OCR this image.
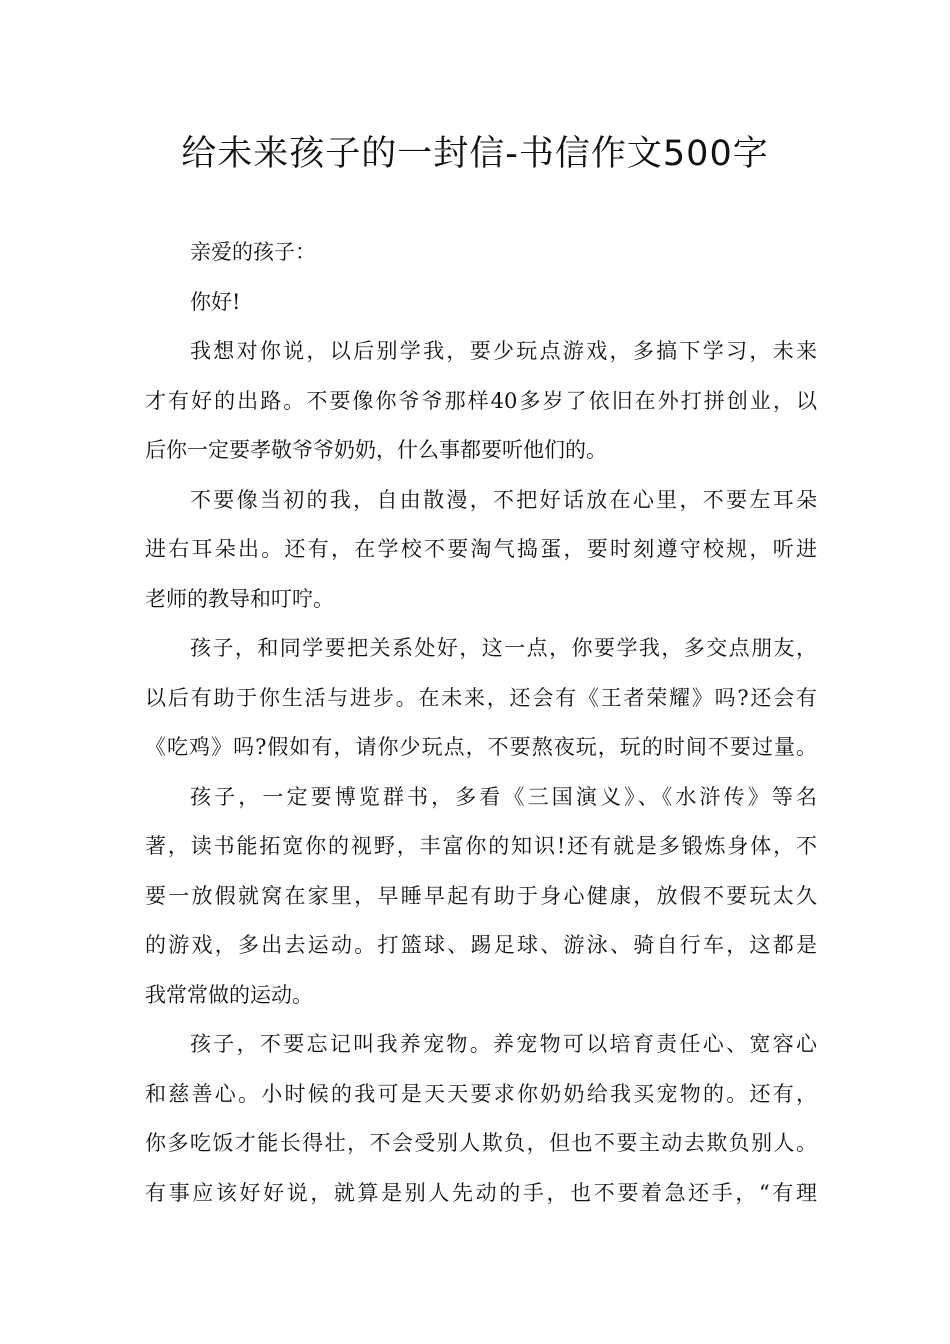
给未来孩子的一封信-书信作文500字
亲爱的孩子：
你好!
我想对你说，以后别学我，要少玩点游戏，多搞下学习，未来
才有好的出路。不要像你爷爷那样40多岁了依旧在外打拼创业，以
后你一定要孝敬爷爷奶奶，什么事都要听他们的。
不要像当初的我，自由散漫，不把好话放在心里，不要左耳朵
进右耳朵出。还有，在学校不要淘气捣蛋，要时刻遵守校规，听进
老师的教导和叮咛。
孩子，和同学要把关系处好，这一点，你要学我，多交点朋友，
以后有助于你生活与进步。在未来，还会有《王者荣耀》吗?还会有
《吃鸡》吗?假如有，请你少玩点，不要熬夜玩，玩的时间不要过量。
孩子，一定要博览群书，多看《三国演义》、《水浒传》等名
著，读书能拓宽你的视野，丰富你的知识!还有就是多锻炼身体，不
要一放假就窝在家里，早睡早起有助于身心健康，放假不要玩太久
的游戏，多出去运动。打篮球、踢足球、游泳、骑自行车，这都是
我常常做的运动。
孩子，不要忘记叫我养宠物。养宠物可以培育责任心、宽容心
和慈善心。小时候的我可是天天要求你奶奶给我买宠物的。还有，
你多吃饭才能长得壮，不会受别人欺负，但也不要主动去欺负别人。
有事应该好好说，就算是别人先动的手，也不要着急还手，“有理
